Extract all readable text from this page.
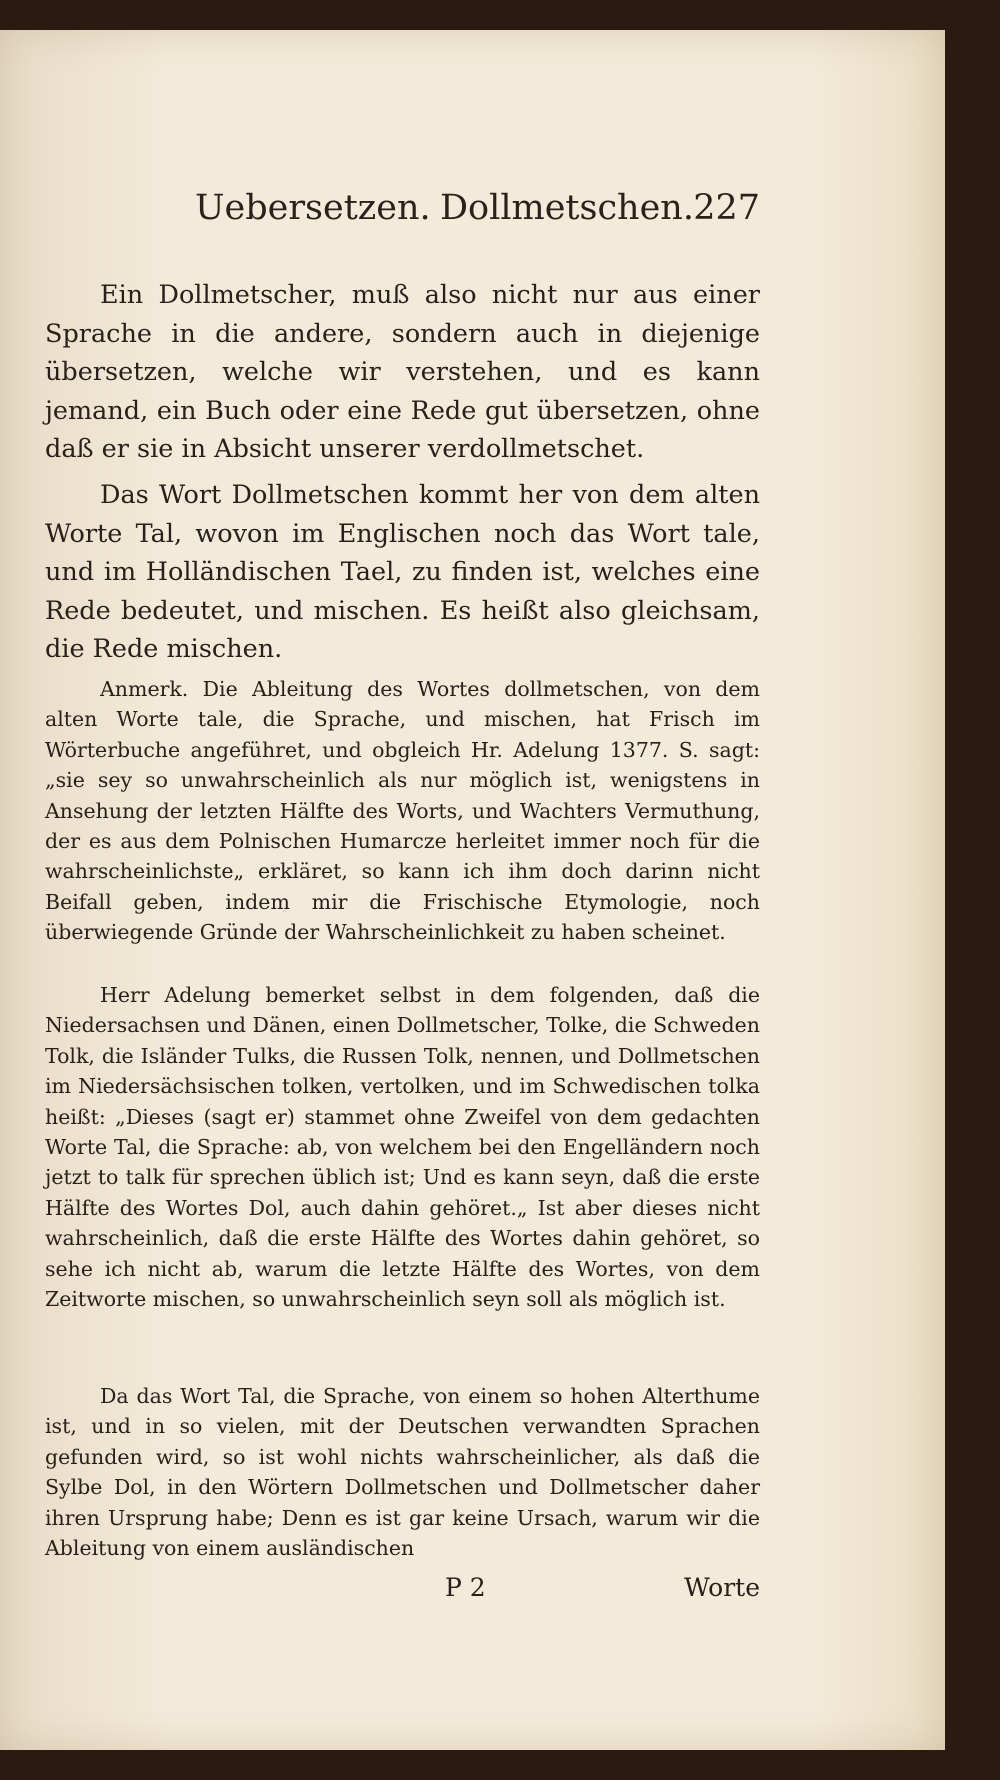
Uebersetzen. Dollmetschen. 227

Ein Dollmetscher, muß also nicht nur aus einer Sprache in die andere, sondern auch in diejenige übersetzen, welche wir verstehen, und es kann jemand, ein Buch oder eine Rede gut übersetzen, ohne daß er sie in Absicht unserer verdollmetschet.

Das Wort Dollmetschen kommt her von dem alten Worte Tal, wovon im Englischen noch das Wort tale, und im Holländischen Tael, zu finden ist, welches eine Rede bedeutet, und mischen. Es heißt also gleichsam, die Rede mischen.

Anmerk. Die Ableitung des Wortes dollmetschen, von dem alten Worte tale, die Sprache, und mischen, hat Frisch im Wörterbuche angeführet, und obgleich Hr. Adelung 1377. S. sagt: „sie sey so unwahrscheinlich als nur möglich ist, wenigstens in Ansehung der letzten Hälfte des Worts, und Wachters Vermuthung, der es aus dem Polnischen Humarcze herleitet immer noch für die wahrscheinlichste„ erkläret, so kann ich ihm doch darinn nicht Beifall geben, indem mir die Frischische Etymologie, noch überwiegende Gründe der Wahrscheinlichkeit zu haben scheinet.

Herr Adelung bemerket selbst in dem folgenden, daß die Niedersachsen und Dänen, einen Dollmetscher, Tolke, die Schweden Tolk, die Isländer Tulks, die Russen Tolk, nennen, und Dollmetschen im Niedersächsischen tolken, vertolken, und im Schwedischen tolka heißt: „Dieses (sagt er) stammet ohne Zweifel von dem gedachten Worte Tal, die Sprache: ab, von welchem bei den Engelländern noch jetzt to talk für sprechen üblich ist; Und es kann seyn, daß die erste Hälfte des Wortes Dol, auch dahin gehöret.„ Ist aber dieses nicht wahrscheinlich, daß die erste Hälfte des Wortes dahin gehöret, so sehe ich nicht ab, warum die letzte Hälfte des Wortes, von dem Zeitworte mischen, so unwahrscheinlich seyn soll als möglich ist.

Da das Wort Tal, die Sprache, von einem so hohen Alterthume ist, und in so vielen, mit der Deutschen verwandten Sprachen gefunden wird, so ist wohl nichts wahrscheinlicher, als daß die Sylbe Dol, in den Wörtern Dollmetschen und Dollmetscher daher ihren Ursprung habe; Denn es ist gar keine Ursach, warum wir die Ableitung von einem ausländischen

P 2	Worte
